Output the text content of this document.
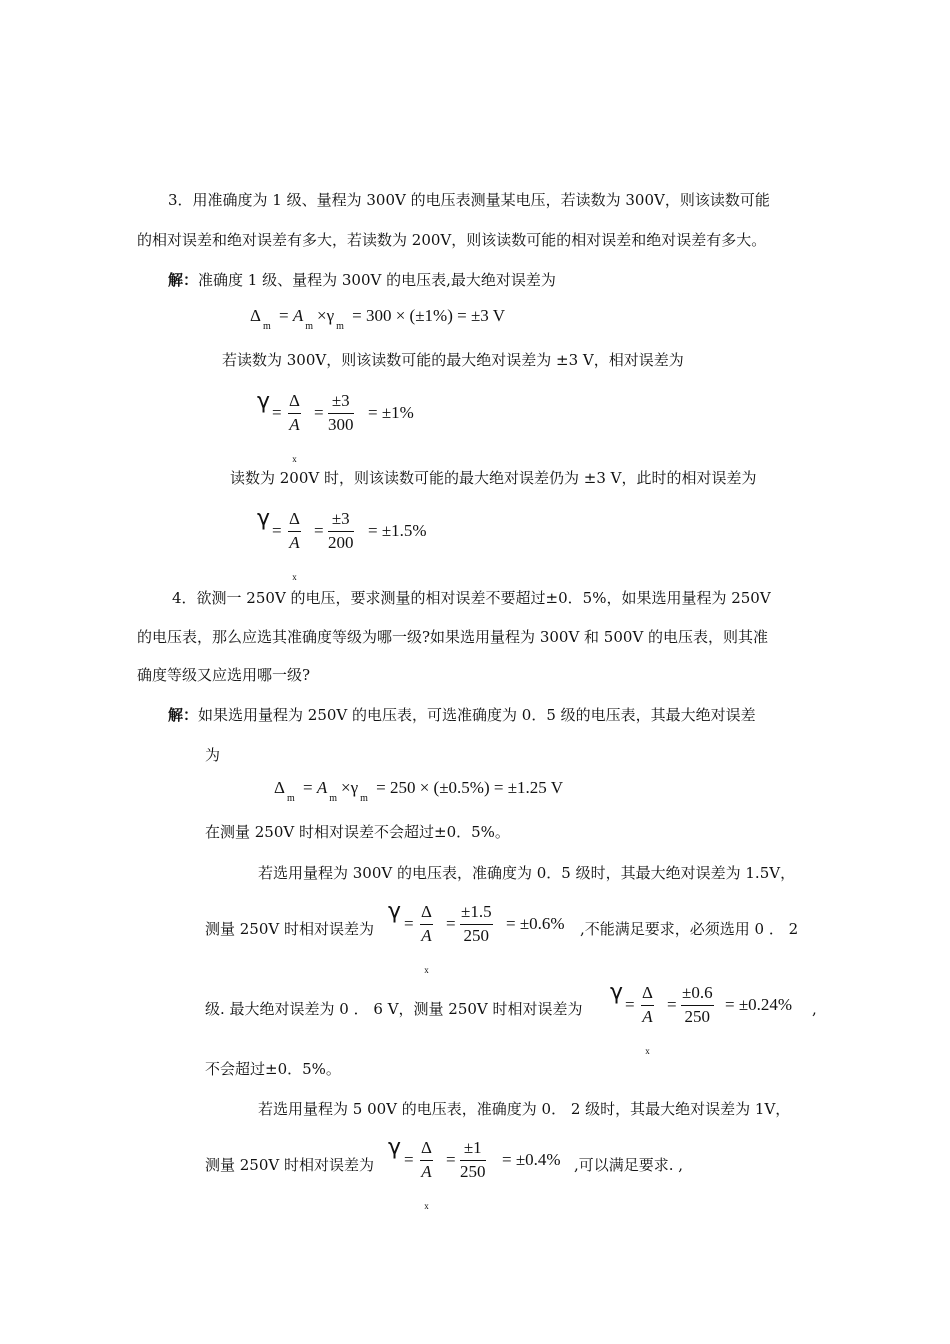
3．用准确度为 1 级、量程为 300V 的电压表测量某电压，若读数为 300V，则该读数可能
的相对误差和绝对误差有多大，若读数为 200V，则该读数可能的相对误差和绝对误差有多大。
解：准确度 1 级、量程为 300V 的电压表,最大绝对误差为
$\Delta_m = A_m\times\gamma_m = 300 \times (\pm 1\%) = \pm 3$ V
若读数为 300V，则该读数可能的最大绝对误差为 ±3 V，相对误差为
γ =
Δ
A
$_x$
= $\frac{\pm 3}{300} = \pm 1\%$
读数为 200V 时，则该读数可能的最大绝对误差仍为 ±3 V，此时的相对误差为
γ =
Δ
A
$_x$
= $\frac{\pm 3}{200} = \pm 1.5\%$
4．欲测一 250V 的电压，要求测量的相对误差不要超过±0．5%，如果选用量程为 250V
的电压表，那么应选其准确度等级为哪一级?如果选用量程为 300V 和 500V 的电压表，则其准
确度等级又应选用哪一级?
解：如果选用量程为 250V 的电压表，可选准确度为 0．5 级的电压表，其最大绝对误差
为
$\Delta_m = A_m\times\gamma_m = 250 \times (\pm 0.5\%) = \pm 1.25$ V
在测量 250V 时相对误差不会超过±0．5%。
若选用量程为 300V 的电压表，准确度为 0．5 级时，其最大绝对误差为 1.5V，
测量 250V 时相对误差为
γ =
Δ
A
$_x$
= $\frac{\pm 1.5}{250} = \pm 0.6\%$ ,不能满足要求，必须选用 0 ． 2
级. 最大绝对误差为 0 ． 6 V，测量 250V 时相对误差为
γ =
Δ
A
$_x$
= $\frac{\pm 0.6}{250} = \pm 0.24\%$ ,
不会超过±0．5%。
若选用量程为 5 00V 的电压表，准确度为 0． 2 级时，其最大绝对误差为 1V，
测量 250V 时相对误差为
γ =
Δ
A
$_x$
= $\frac{\pm 1}{250} = \pm 0.4\%$ ,可以满足要求. ,
